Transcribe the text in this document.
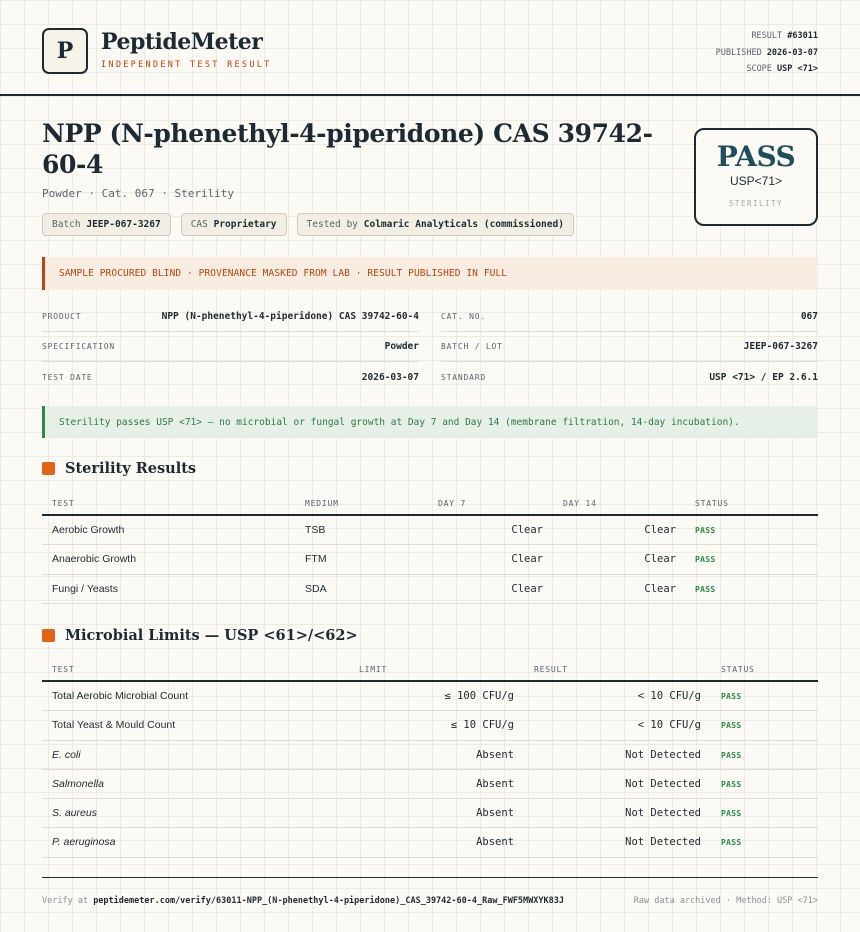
P PeptideMeter
INDEPENDENT TEST RESULT
RESULT #63011
PUBLISHED 2026-03-07
SCOPE USP <71>
NPP (N-phenethyl-4-piperidone) CAS 39742-60-4
Powder · Cat. 067 · Sterility
Batch JEEP-067-3267	CAS Proprietary	Tested by Colmaric Analyticals (commissioned)
PASS
USP<71>
STERILITY
SAMPLE PROCURED BLIND · PROVENANCE MASKED FROM LAB · RESULT PUBLISHED IN FULL
PRODUCT	NPP (N-phenethyl-4-piperidone) CAS 39742-60-4
SPECIFICATION	Powder
TEST DATE	2026-03-07
CAT. NO.	067
BATCH / LOT	JEEP-067-3267
STANDARD	USP <71> / EP 2.6.1
Sterility passes USP <71> — no microbial or fungal growth at Day 7 and Day 14 (membrane filtration, 14-day incubation).
Sterility Results
TEST	MEDIUM	DAY 7	DAY 14	STATUS
Aerobic Growth	TSB	Clear	Clear PASS
Anaerobic Growth	FTM	Clear	Clear PASS
Fungi / Yeasts	SDA	Clear	Clear PASS
Microbial Limits — USP <61>/<62>
TEST	LIMIT	RESULT	STATUS
Total Aerobic Microbial Count	≤ 100 CFU/g	< 10 CFU/g	PASS
Total Yeast & Mould Count	≤ 10 CFU/g	< 10 CFU/g	PASS
E. coli	Absent	Not Detected	PASS
Salmonella	Absent	Not Detected	PASS
S. aureus	Absent	Not Detected	PASS
P. aeruginosa	Absent	Not Detected	PASS
Verify at peptidemeter.com/verify/63011-NPP_(N-phenethyl-4-piperidone)_CAS_39742-60-4_Raw_FWF5MWXYK83J	Raw data archived · Method: USP <71>
